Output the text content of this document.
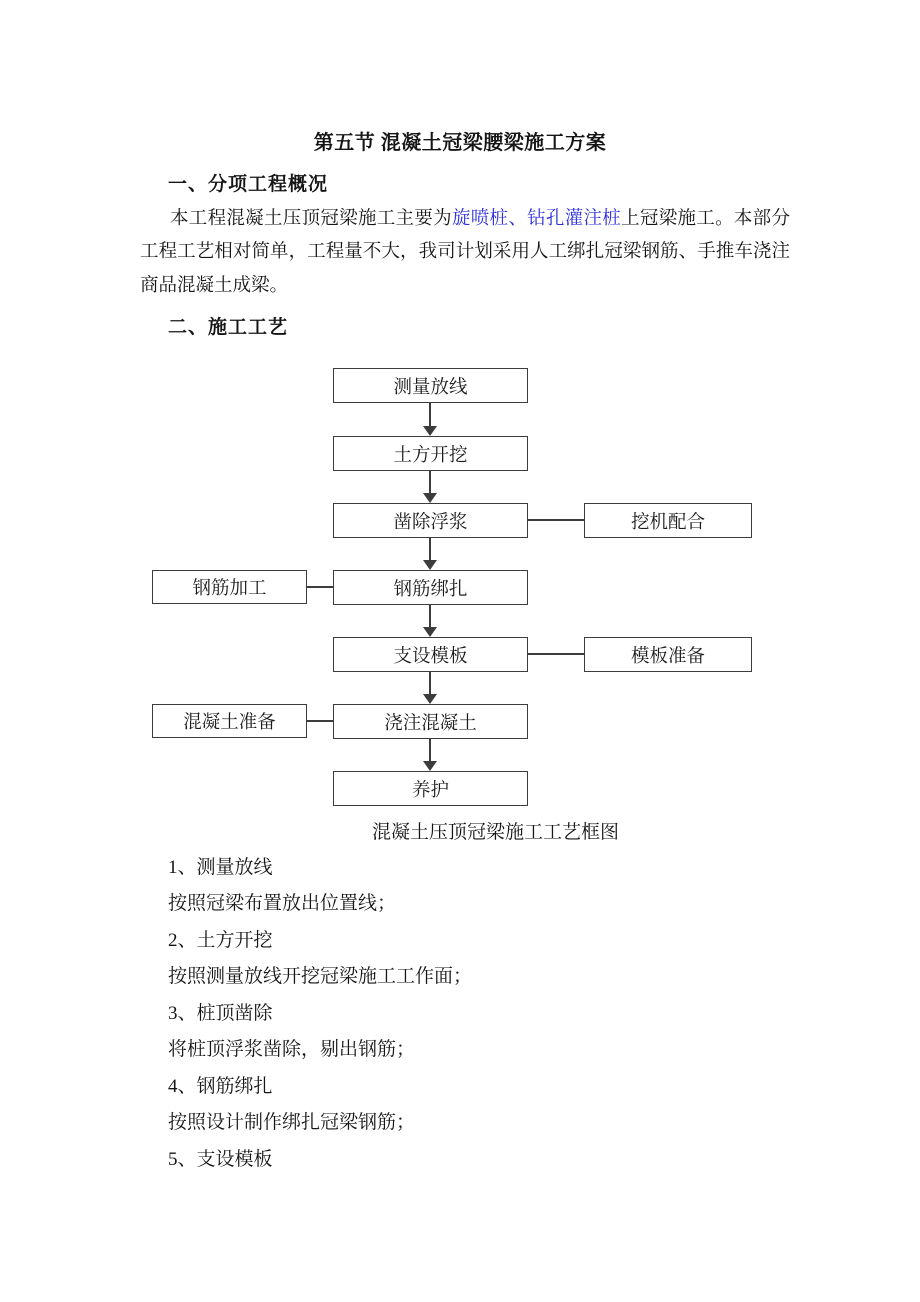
第五节 混凝土冠梁腰梁施工方案
一、分项工程概况
本工程混凝土压顶冠梁施工主要为旋喷桩、钻孔灌注桩上冠梁施工。本部分工程工艺相对简单，工程量不大，我司计划采用人工绑扎冠梁钢筋、手推车浇注商品混凝土成梁。
二、施工工艺
测量放线
土方开挖
凿除浮浆
钢筋绑扎
支设模板
浇注混凝土
养护
钢筋加工
混凝土准备
挖机配合
模板准备
混凝土压顶冠梁施工工艺框图
1、测量放线
按照冠梁布置放出位置线；
2、土方开挖
按照测量放线开挖冠梁施工工作面；
3、桩顶凿除
将桩顶浮浆凿除，剔出钢筋；
4、钢筋绑扎
按照设计制作绑扎冠梁钢筋；
5、支设模板
